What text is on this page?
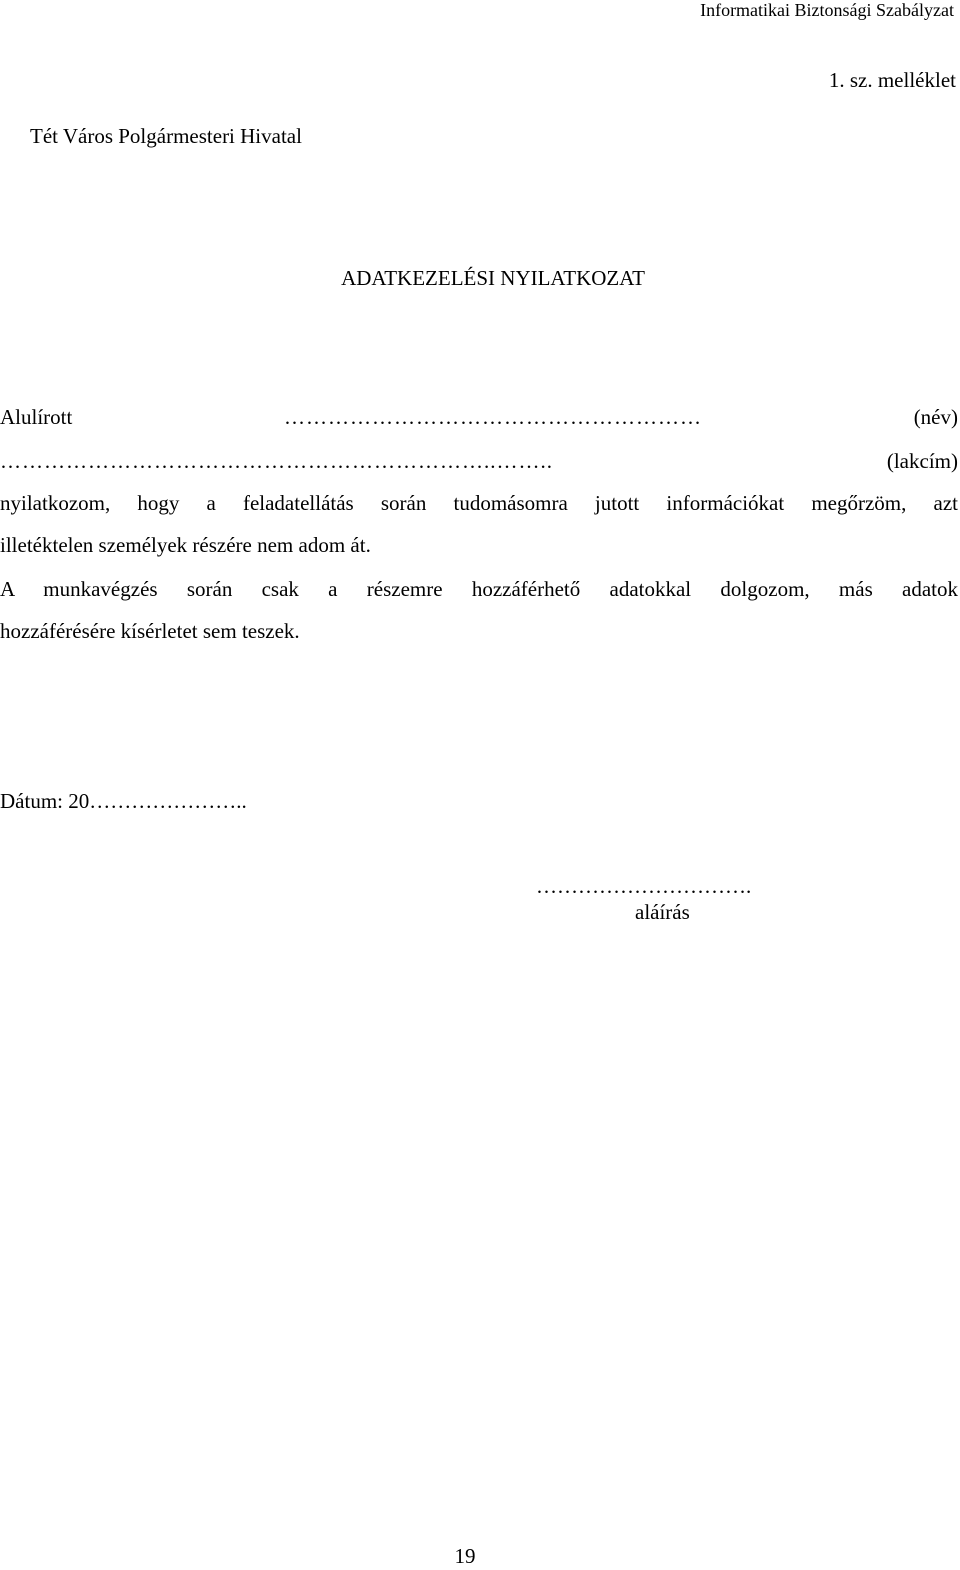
Informatikai Biztonsági Szabályzat
1. sz. melléklet
Tét Város Polgármesteri Hivatal
ADATKEZELÉSI NYILATKOZAT
Alulírott	…………………………………………………	(név)
…………………………………………………………..……..	(lakcím)
nyilatkozom, hogy a feladatellátás során tudomásomra jutott információkat megőrzöm, azt
illetéktelen személyek részére nem adom át.
A munkavégzés során csak a részemre hozzáférhető adatokkal dolgozom, más adatok
hozzáférésére kísérletet sem teszek.
Dátum: 20…………………..
………………………….
aláírás
19
